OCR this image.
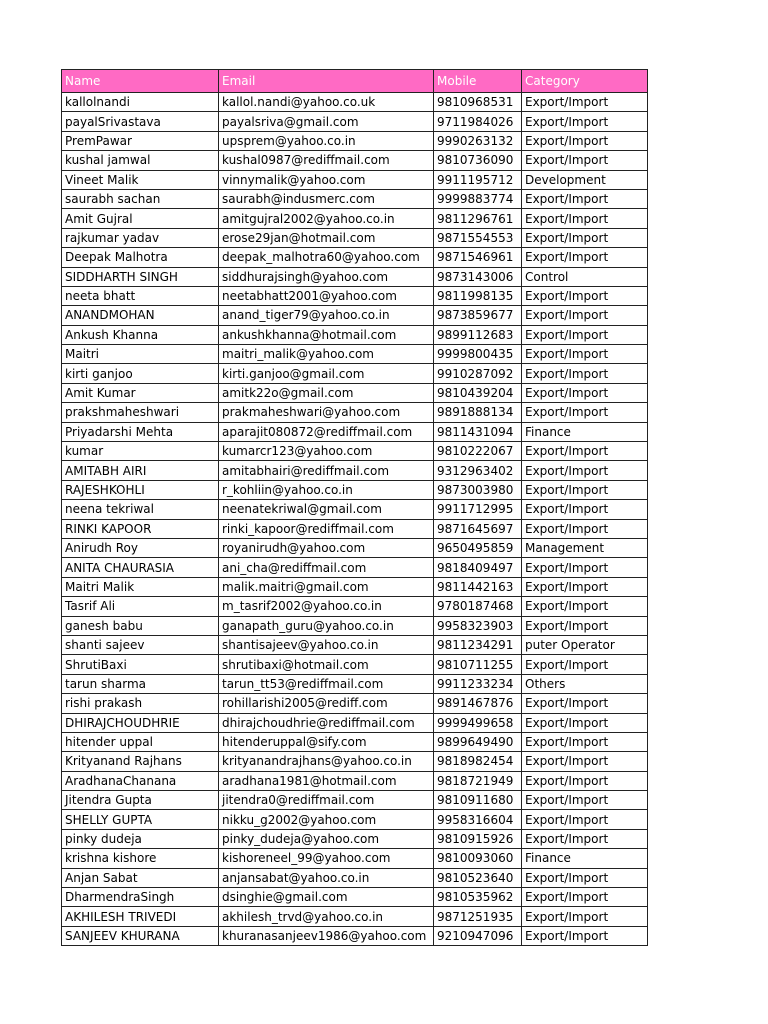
Name	Email	Mobile	Category
kallolnandi	kallol.nandi@yahoo.co.uk	9810968531	Export/Import
payalSrivastava	payalsriva@gmail.com	9711984026	Export/Import
PremPawar	upsprem@yahoo.co.in	9990263132	Export/Import
kushal jamwal	kushal0987@rediffmail.com	9810736090	Export/Import
Vineet Malik	vinnymalik@yahoo.com	9911195712	Development
saurabh sachan	saurabh@indusmerc.com	9999883774	Export/Import
Amit Gujral	amitgujral2002@yahoo.co.in	9811296761	Export/Import
rajkumar yadav	erose29jan@hotmail.com	9871554553	Export/Import
Deepak Malhotra	deepak_malhotra60@yahoo.com	9871546961	Export/Import
SIDDHARTH SINGH	siddhurajsingh@yahoo.com	9873143006	Control
neeta bhatt	neetabhatt2001@yahoo.com	9811998135	Export/Import
ANANDMOHAN	anand_tiger79@yahoo.co.in	9873859677	Export/Import
Ankush Khanna	ankushkhanna@hotmail.com	9899112683	Export/Import
Maitri	maitri_malik@yahoo.com	9999800435	Export/Import
kirti ganjoo	kirti.ganjoo@gmail.com	9910287092	Export/Import
Amit Kumar	amitk22o@gmail.com	9810439204	Export/Import
prakshmaheshwari	prakmaheshwari@yahoo.com	9891888134	Export/Import
Priyadarshi Mehta	aparajit080872@rediffmail.com	9811431094	Finance
kumar	kumarcr123@yahoo.com	9810222067	Export/Import
AMITABH AIRI	amitabhairi@rediffmail.com	9312963402	Export/Import
RAJESHKOHLI	r_kohliin@yahoo.co.in	9873003980	Export/Import
neena tekriwal	neenatekriwal@gmail.com	9911712995	Export/Import
RINKI KAPOOR	rinki_kapoor@rediffmail.com	9871645697	Export/Import
Anirudh Roy	royanirudh@yahoo.com	9650495859	Management
ANITA CHAURASIA	ani_cha@rediffmail.com	9818409497	Export/Import
Maitri Malik	malik.maitri@gmail.com	9811442163	Export/Import
Tasrif Ali	m_tasrif2002@yahoo.co.in	9780187468	Export/Import
ganesh babu	ganapath_guru@yahoo.co.in	9958323903	Export/Import
shanti sajeev	shantisajeev@yahoo.co.in	9811234291	puter Operator
ShrutiBaxi	shrutibaxi@hotmail.com	9810711255	Export/Import
tarun sharma	tarun_tt53@rediffmail.com	9911233234	Others
rishi prakash	rohillarishi2005@rediff.com	9891467876	Export/Import
DHIRAJCHOUDHRIE	dhirajchoudhrie@rediffmail.com	9999499658	Export/Import
hitender uppal	hitenderuppal@sify.com	9899649490	Export/Import
Krityanand Rajhans	krityanandrajhans@yahoo.co.in	9818982454	Export/Import
AradhanaChanana	aradhana1981@hotmail.com	9818721949	Export/Import
Jitendra Gupta	jitendra0@rediffmail.com	9810911680	Export/Import
SHELLY GUPTA	nikku_g2002@yahoo.com	9958316604	Export/Import
pinky dudeja	pinky_dudeja@yahoo.com	9810915926	Export/Import
krishna kishore	kishoreneel_99@yahoo.com	9810093060	Finance
Anjan Sabat	anjansabat@yahoo.co.in	9810523640	Export/Import
DharmendraSingh	dsinghie@gmail.com	9810535962	Export/Import
AKHILESH TRIVEDI	akhilesh_trvd@yahoo.co.in	9871251935	Export/Import
SANJEEV KHURANA	khuranasanjeev1986@yahoo.com	9210947096	Export/Import
